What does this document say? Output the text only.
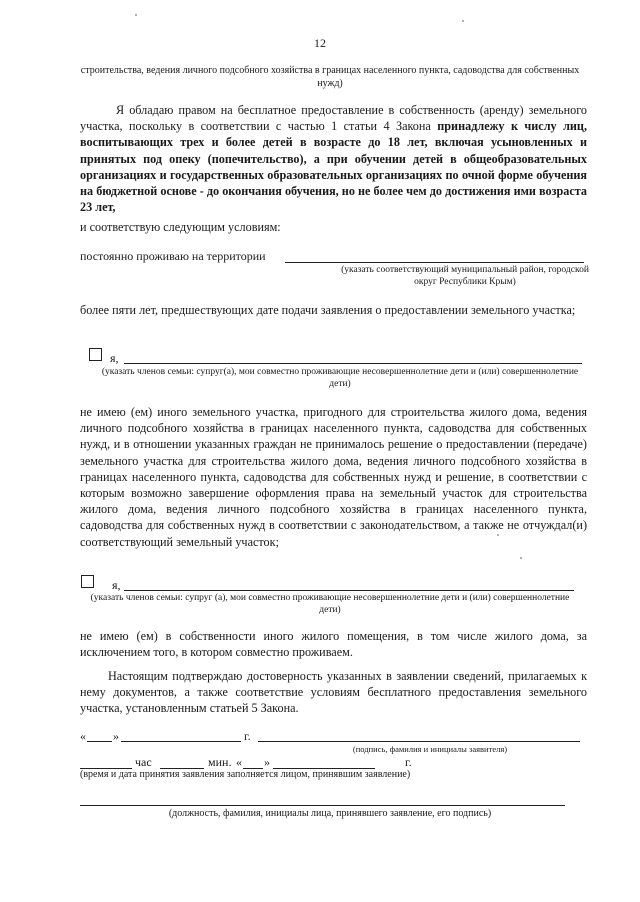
12
строительства, ведения личного подсобного хозяйства в границах населенного пункта, садоводства для собственных нужд)
Я обладаю правом на бесплатное предоставление в собственность (аренду) земельного участка, поскольку в соответствии с частью 1 статьи 4 Закона принадлежу к числу лиц, воспитывающих трех и более детей в возрасте до 18 лет, включая усыновленных и принятых под опеку (попечительство), а при обучении детей в общеобразовательных организациях и государственных образовательных организациях по очной форме обучения на бюджетной основе - до окончания обучения, но не более чем до достижения ими возраста 23 лет,
и соответствую следующим условиям:
постоянно проживаю на территории
(указать соответствующий муниципальный район, городской округ Республики Крым)
более пяти лет, предшествующих дате подачи заявления о предоставлении земельного участка;
я,
(указать членов семьи: супруг(а), мои совместно проживающие несовершеннолетние дети и (или) совершеннолетние дети)
не имею (ем) иного земельного участка, пригодного для строительства жилого дома, ведения личного подсобного хозяйства в границах населенного пункта, садоводства для собственных нужд, и в отношении указанных граждан не принималось решение о предоставлении (передаче) земельного участка для строительства жилого дома, ведения личного подсобного хозяйства в границах населенного пункта, садоводства для собственных нужд и решение, в соответствии с которым возможно завершение оформления права на земельный участок для строительства жилого дома, ведения личного подсобного хозяйства в границах населенного пункта, садоводства для собственных нужд в соответствии с законодательством, а также не отчуждал(и) соответствующий земельный участок;
я,
(указать членов семьи: супруг (а), мои совместно проживающие несовершеннолетние дети и (или) совершеннолетние дети)
не имею (ем) в собственности иного жилого помещения, в том числе жилого дома, за исключением того, в котором совместно проживаем.
Настоящим подтверждаю достоверность указанных в заявлении сведений, прилагаемых к нему документов, а также соответствие условиям бесплатного предоставления земельного участка, установленным статьей 5 Закона.
« »	г.
(подпись, фамилия и инициалы заявителя)
час	мин. « »	г.
(время и дата принятия заявления заполняется лицом, принявшим заявление)
(должность, фамилия, инициалы лица, принявшего заявление, его подпись)
